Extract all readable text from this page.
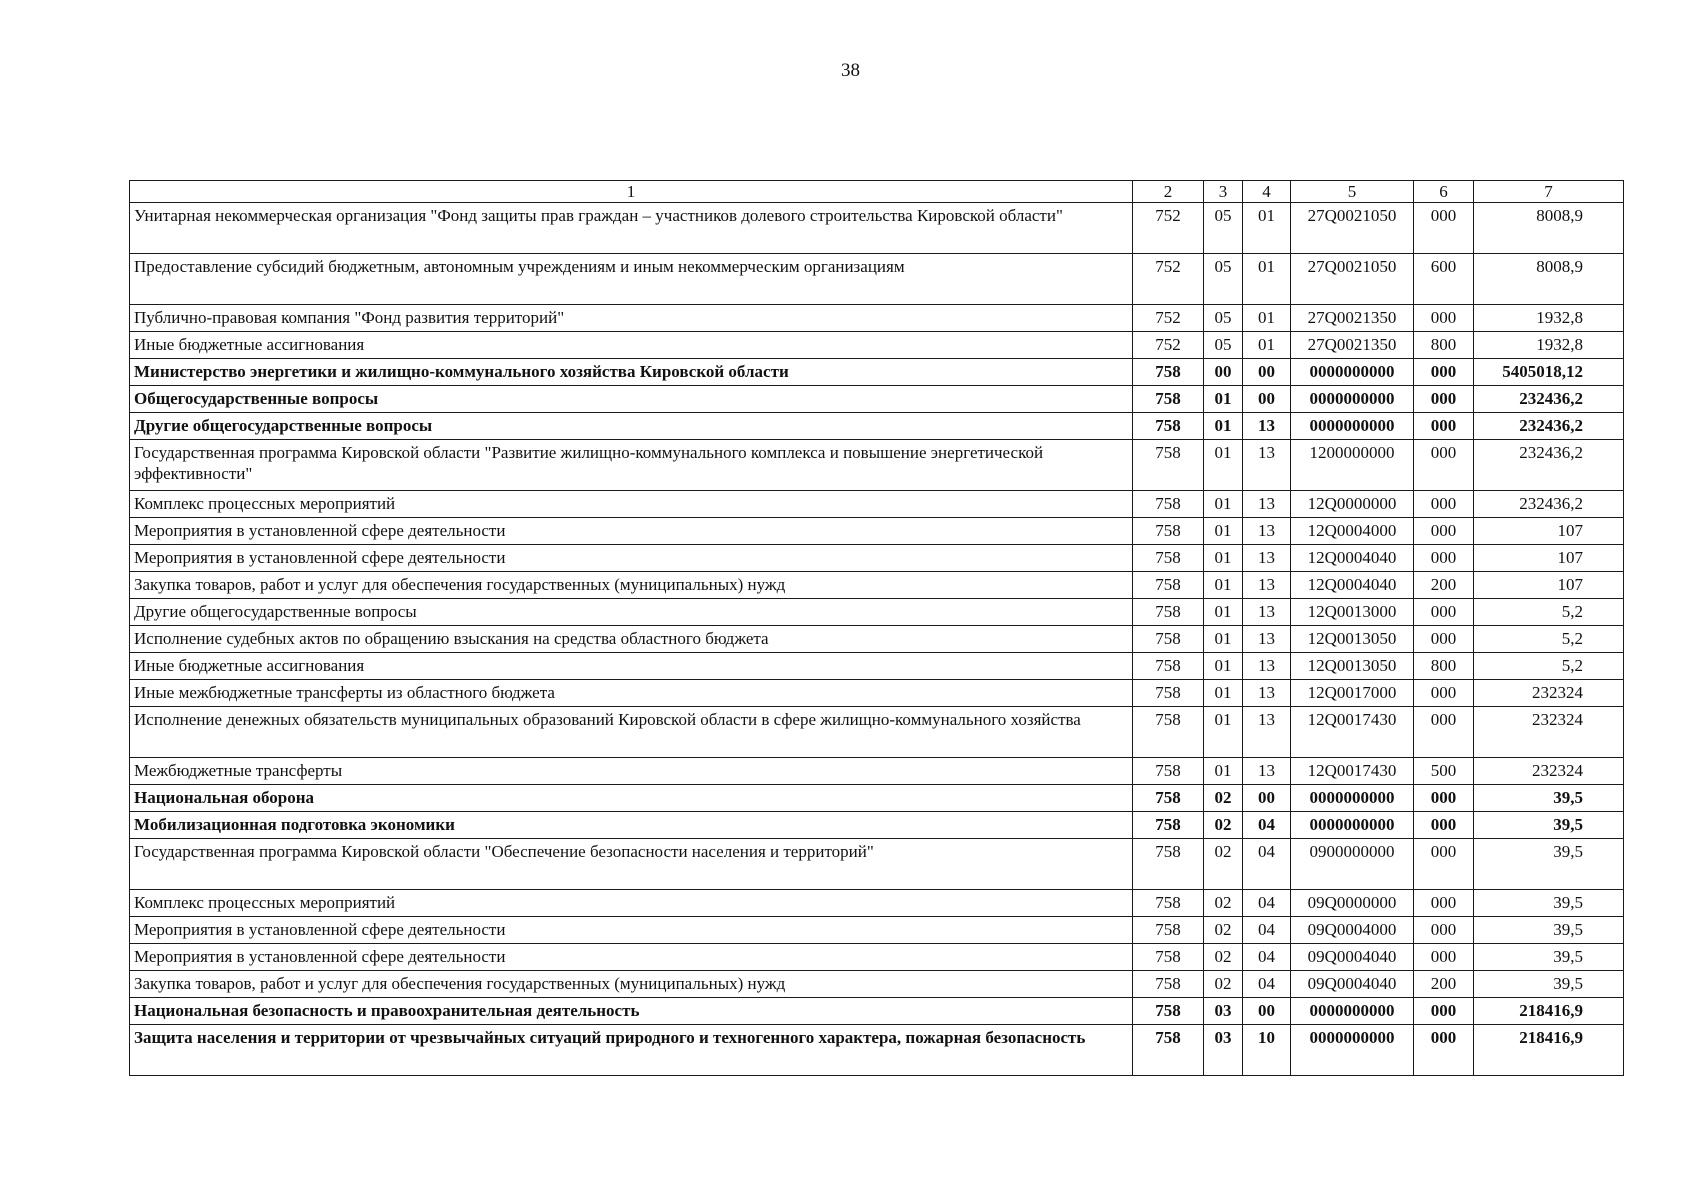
38
1	2	3	4	5	6	7
Унитарная некоммерческая организация "Фонд защиты прав граждан – участников долевого строительства Кировской области"	752	05	01	27Q0021050	000	8008,9
Предоставление субсидий бюджетным, автономным учреждениям и иным некоммерческим организациям	752	05	01	27Q0021050	600	8008,9
Публично-правовая компания "Фонд развития территорий"	752	05	01	27Q0021350	000	1932,8
Иные бюджетные ассигнования	752	05	01	27Q0021350	800	1932,8
Министерство энергетики и жилищно-коммунального хозяйства Кировской области	758	00	00	0000000000	000	5405018,12
Общегосударственные вопросы	758	01	00	0000000000	000	232436,2
Другие общегосударственные вопросы	758	01	13	0000000000	000	232436,2
Государственная программа Кировской области "Развитие жилищно-коммунального комплекса и повышение энергетической эффективности"	758	01	13	1200000000	000	232436,2
Комплекс процессных мероприятий	758	01	13	12Q0000000	000	232436,2
Мероприятия в установленной сфере деятельности	758	01	13	12Q0004000	000	107
Мероприятия в установленной сфере деятельности	758	01	13	12Q0004040	000	107
Закупка товаров, работ и услуг для обеспечения государственных (муниципальных) нужд	758	01	13	12Q0004040	200	107
Другие общегосударственные вопросы	758	01	13	12Q0013000	000	5,2
Исполнение судебных актов по обращению взыскания на средства областного бюджета	758	01	13	12Q0013050	000	5,2
Иные бюджетные ассигнования	758	01	13	12Q0013050	800	5,2
Иные межбюджетные трансферты из областного бюджета	758	01	13	12Q0017000	000	232324
Исполнение денежных обязательств муниципальных образований Кировской области в сфере жилищно-коммунального хозяйства	758	01	13	12Q0017430	000	232324
Межбюджетные трансферты	758	01	13	12Q0017430	500	232324
Национальная оборона	758	02	00	0000000000	000	39,5
Мобилизационная подготовка экономики	758	02	04	0000000000	000	39,5
Государственная программа Кировской области "Обеспечение безопасности населения и территорий"	758	02	04	0900000000	000	39,5
Комплекс процессных мероприятий	758	02	04	09Q0000000	000	39,5
Мероприятия в установленной сфере деятельности	758	02	04	09Q0004000	000	39,5
Мероприятия в установленной сфере деятельности	758	02	04	09Q0004040	000	39,5
Закупка товаров, работ и услуг для обеспечения государственных (муниципальных) нужд	758	02	04	09Q0004040	200	39,5
Национальная безопасность и правоохранительная деятельность	758	03	00	0000000000	000	218416,9
Защита населения и территории от чрезвычайных ситуаций природного и техногенного характера, пожарная безопасность	758	03	10	0000000000	000	218416,9
